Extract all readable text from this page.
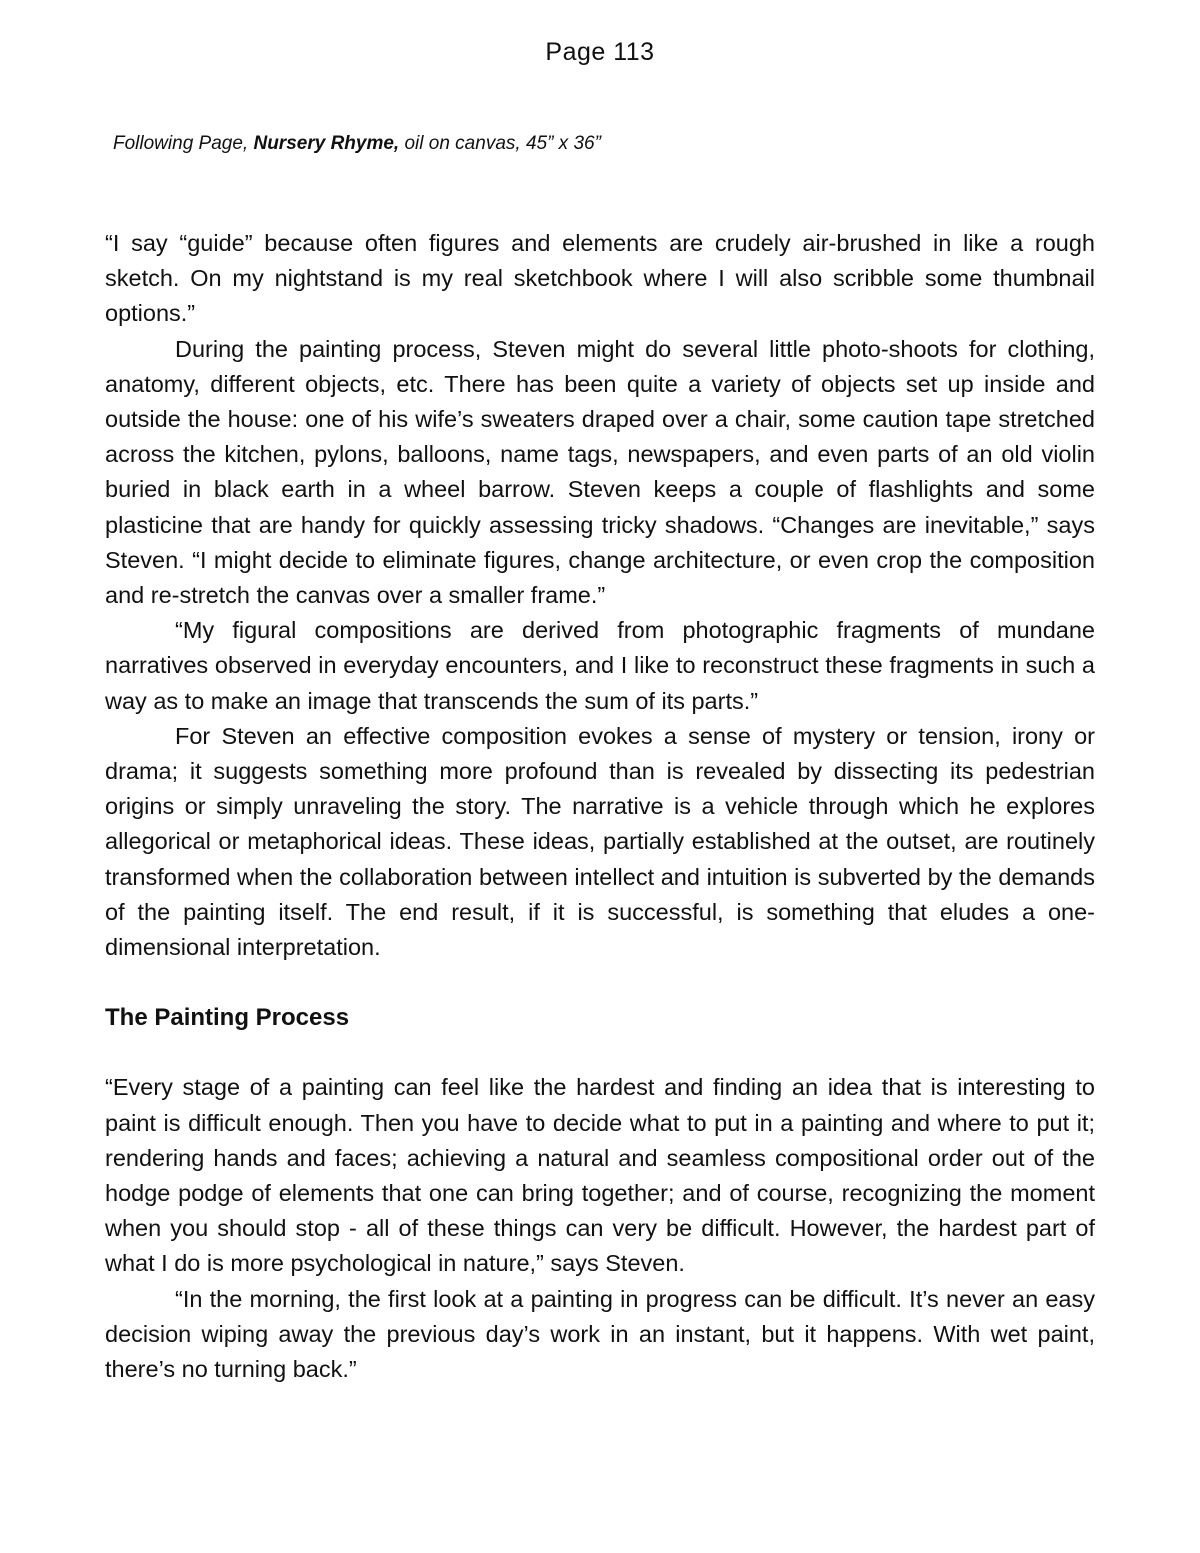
Page 113
Following Page, Nursery Rhyme, oil on canvas, 45” x 36”

“I say “guide” because often figures and elements are crudely air-brushed in like a rough sketch. On my nightstand is my real sketchbook where I will also scribble some thumbnail options.”

During the painting process, Steven might do several little photo-shoots for clothing, anatomy, different objects, etc. There has been quite a variety of objects set up inside and outside the house: one of his wife’s sweaters draped over a chair, some caution tape stretched across the kitchen, pylons, balloons, name tags, newspapers, and even parts of an old violin buried in black earth in a wheel barrow. Steven keeps a couple of flashlights and some plasticine that are handy for quickly assessing tricky shadows. “Changes are inevitable,” says Steven. “I might decide to eliminate figures, change architecture, or even crop the composition and re-stretch the canvas over a smaller frame.”

“My figural compositions are derived from photographic fragments of mundane narratives observed in everyday encounters, and I like to reconstruct these fragments in such a way as to make an image that transcends the sum of its parts.”

For Steven an effective composition evokes a sense of mystery or tension, irony or drama; it suggests something more profound than is revealed by dissecting its pedestrian origins or simply unraveling the story. The narrative is a vehicle through which he explores allegorical or metaphorical ideas. These ideas, partially established at the outset, are routinely transformed when the collaboration between intellect and intuition is subverted by the demands of the painting itself. The end result, if it is successful, is something that eludes a one-dimensional interpretation.

The Painting Process

“Every stage of a painting can feel like the hardest and finding an idea that is interesting to paint is difficult enough. Then you have to decide what to put in a painting and where to put it; rendering hands and faces; achieving a natural and seamless compositional order out of the hodge podge of elements that one can bring together; and of course, recognizing the moment when you should stop - all of these things can very be difficult. However, the hardest part of what I do is more psychological in nature,” says Steven.

“In the morning, the first look at a painting in progress can be difficult. It’s never an easy decision wiping away the previous day’s work in an instant, but it happens. With wet paint, there’s no turning back.”
